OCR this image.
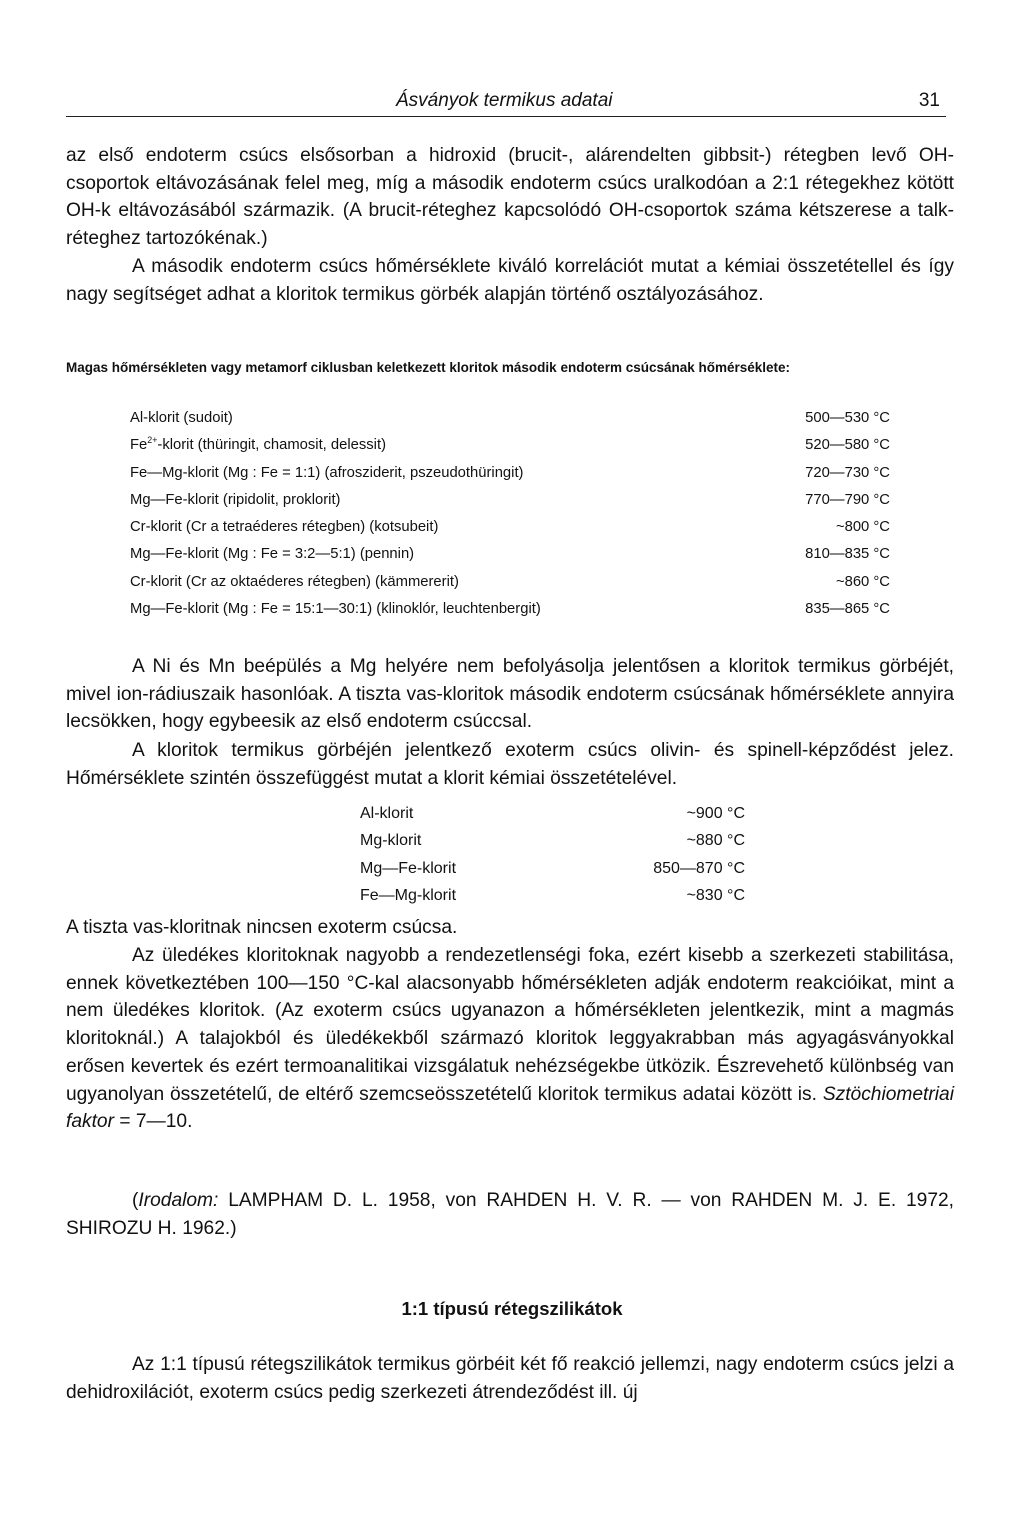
Ásványok termikus adatai	31

az első endoterm csúcs elsősorban a hidroxid (brucit-, alárendelten gibbsit-) rétegben levő OH-csoportok eltávozásának felel meg, míg a második endoterm csúcs uralkodóan a 2:1 rétegekhez kötött OH-k eltávozásából származik. (A brucit-réteghez kapcsolódó OH-csoportok száma kétszerese a talk-réteghez tartozókénak.)

A második endoterm csúcs hőmérséklete kiváló korrelációt mutat a kémiai összetétellel és így nagy segítséget adhat a kloritok termikus görbék alapján történő osztályozásához.

Magas hőmérsékleten vagy metamorf ciklusban keletkezett kloritok második endoterm csúcsának hőmérséklete:
Al-klorit (sudoit)	500—530 °C
$Fe^{2+}$-klorit (thüringit, chamosit, delessit)	520—580 °C
Fe—Mg-klorit (Mg : Fe = 1:1) (afrosziderit, pszeudothüringit)	720—730 °C
Mg—Fe-klorit (ripidolit, proklorit)	770—790 °C
Cr-klorit (Cr a tetraéderes rétegben) (kotsubeit)	~800 °C
Mg—Fe-klorit (Mg : Fe = 3:2—5:1) (pennin)	810—835 °C
Cr-klorit (Cr az oktaéderes rétegben) (kämmererit)	~860 °C
Mg—Fe-klorit (Mg : Fe = 15:1—30:1) (klinoklór, leuchtenbergit)	835—865 °C

A Ni és Mn beépülés a Mg helyére nem befolyásolja jelentősen a kloritok termikus görbéjét, mivel ion-rádiuszaik hasonlóak. A tiszta vas-kloritok második endoterm csúcsának hőmérséklete annyira lecsökken, hogy egybeesik az első endoterm csúccsal.

A kloritok termikus görbéjén jelentkező exoterm csúcs olivin- és spinell-képződést jelez. Hőmérséklete szintén összefüggést mutat a klorit kémiai összetételével.

Al-klorit	~900 °C
Mg-klorit	~880 °C
Mg—Fe-klorit	850—870 °C
Fe—Mg-klorit	~830 °C

A tiszta vas-kloritnak nincsen exoterm csúcsa.

Az üledékes kloritoknak nagyobb a rendezetlenségi foka, ezért kisebb a szerkezeti stabilitása, ennek következtében 100—150 °C-kal alacsonyabb hőmérsékleten adják endoterm reakcióikat, mint a nem üledékes kloritok. (Az exoterm csúcs ugyanazon a hőmérsékleten jelentkezik, mint a magmás kloritoknál.) A talajokból és üledékekből származó kloritok leggyakrabban más agyagásványokkal erősen kevertek és ezért termoanalitikai vizsgálatuk nehézségekbe ütközik. Észrevehető különbség van ugyanolyan összetételű, de eltérő szemcseösszetételű kloritok termikus adatai között is. Sztöchiometriai faktor = 7—10.

(Irodalom: LAMPHAM D. L. 1958, von RAHDEN H. V. R. — von RAHDEN M. J. E. 1972, SHIROZU H. 1962.)

1:1 típusú rétegszilikátok

Az 1:1 típusú rétegszilikátok termikus görbéit két fő reakció jellemzi, nagy endoterm csúcs jelzi a dehidroxilációt, exoterm csúcs pedig szerkezeti átrendeződést ill. új
